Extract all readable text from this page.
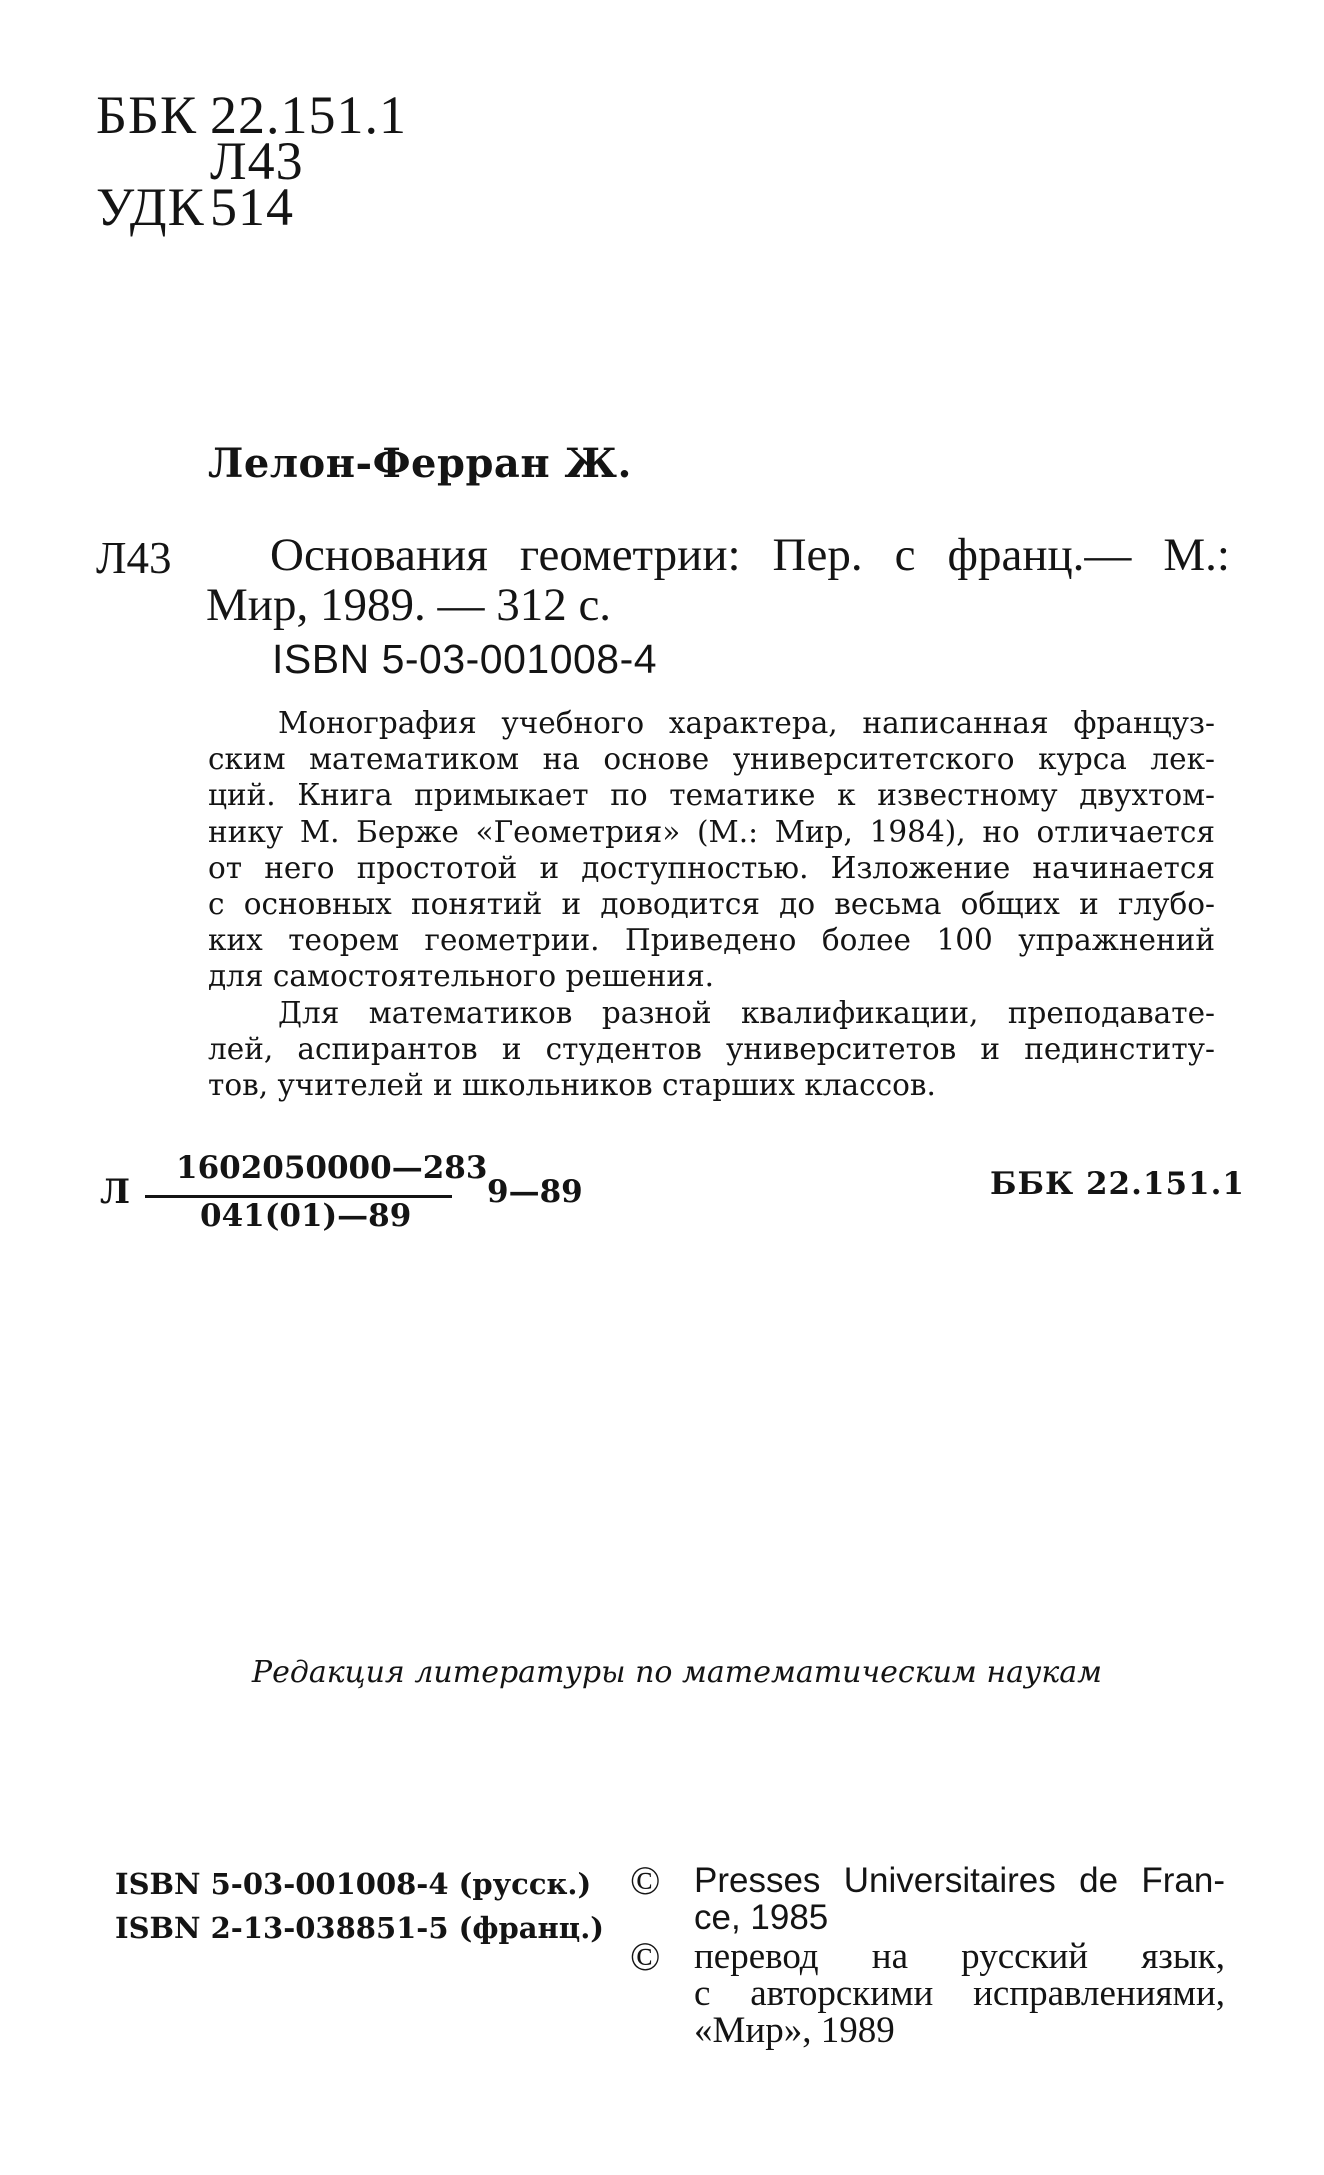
ББК 22.151.1
Л43
УДК 514
Лелон-Ферран Ж.
Л43 Основания геометрии: Пер. с франц.— М.:
Мир, 1989. — 312 с.
ISBN 5-03-001008-4
Монография учебного характера, написанная француз-
ским математиком на основе университетского курса лек-
ций. Книга примыкает по тематике к известному двухтом-
нику М. Берже «Геометрия» (М.: Мир, 1984), но отличается
от него простотой и доступностью. Изложение начинается
с основных понятий и доводится до весьма общих и глубо-
ких теорем геометрии. Приведено более 100 упражнений
для самостоятельного решения.
Для математиков разной квалификации, преподавате-
лей, аспирантов и студентов университетов и пединститу-
тов, учителей и школьников старших классов.
Л
1602050000—283
041(01)—89
9—89	ББК 22.151.1
Редакция литературы по математическим наукам
ISBN 5-03-001008-4 (русск.)
ISBN 2-13-038851-5 (франц.)
© Presses Universitaires de Fran-
ce, 1985
© перевод на русский язык,
с авторскими исправлениями,
«Мир», 1989
